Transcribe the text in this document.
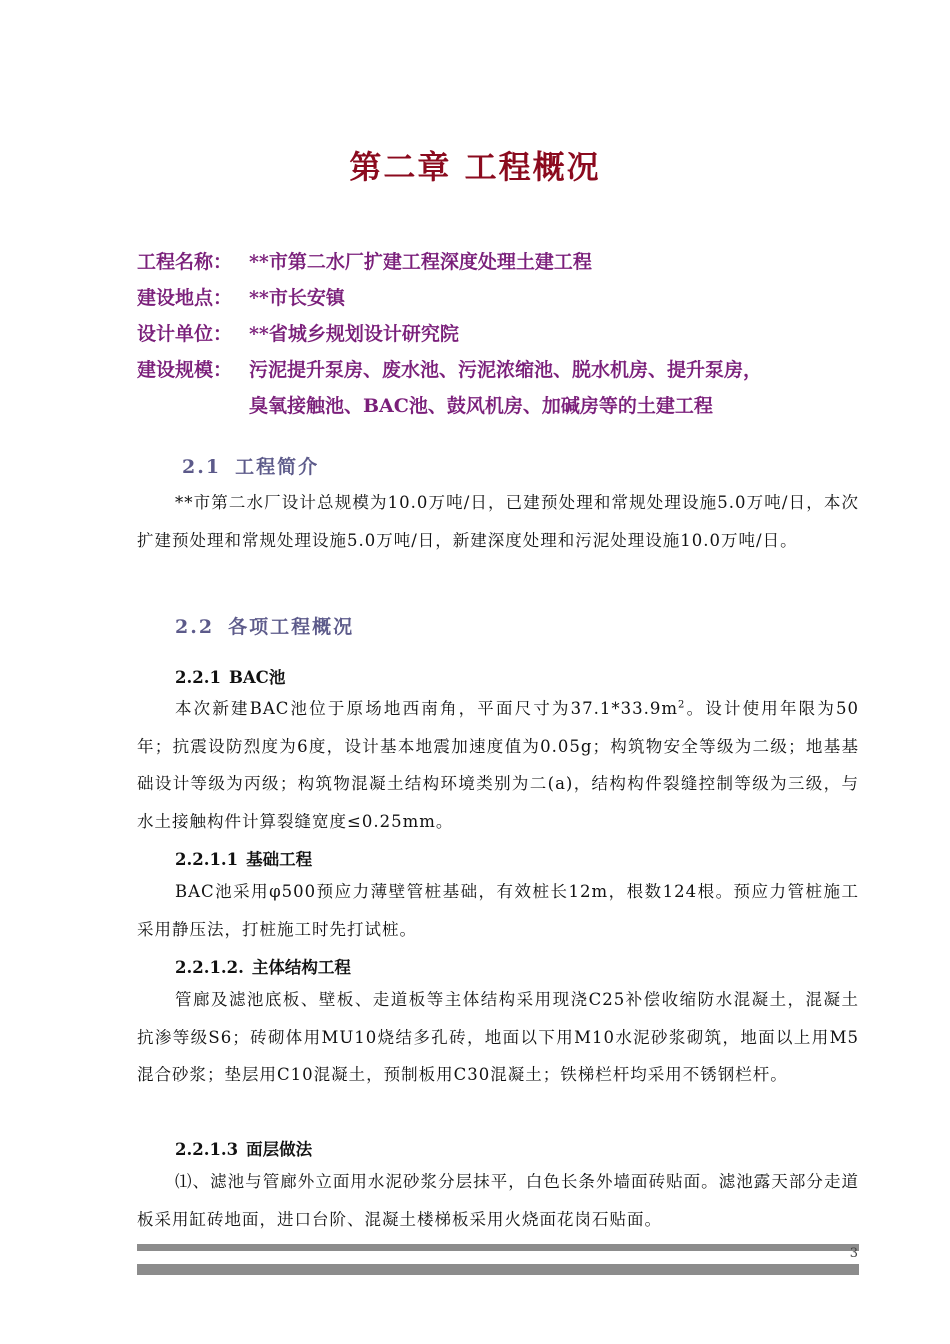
第二章 工程概况
工程名称： **市第二水厂扩建工程深度处理土建工程
建设地点： **市长安镇
设计单位： **省城乡规划设计研究院
建设规模： 污泥提升泵房、废水池、污泥浓缩池、脱水机房、提升泵房，
臭氧接触池、BAC池、鼓风机房、加碱房等的土建工程
2.1 工程简介

**市第二水厂设计总规模为10.0万吨/日，已建预处理和常规处理设施5.0万吨/日，本次扩建预处理和常规处理设施5.0万吨/日，新建深度处理和污泥处理设施10.0万吨/日。

2.2 各项工程概况
2.2.1 BAC池

本次新建BAC池位于原场地西南角，平面尺寸为$37.1*33.9m^2$。设计使用年限为50年；抗震设防烈度为6度，设计基本地震加速度值为0.05g；构筑物安全等级为二级；地基基础设计等级为丙级；构筑物混凝土结构环境类别为二(a)，结构构件裂缝控制等级为三级，与水土接触构件计算裂缝宽度≤0.25mm。

2.2.1.1 基础工程

BAC池采用φ500预应力薄壁管桩基础，有效桩长12m，根数124根。预应力管桩施工采用静压法，打桩施工时先打试桩。

2.2.1.2. 主体结构工程

管廊及滤池底板、壁板、走道板等主体结构采用现浇C25补偿收缩防水混凝土，混凝土抗渗等级S6；砖砌体用MU10烧结多孔砖，地面以下用M10水泥砂浆砌筑，地面以上用M5混合砂浆；垫层用C10混凝土，预制板用C30混凝土；铁梯栏杆均采用不锈钢栏杆。

2.2.1.3 面层做法

⑴、滤池与管廊外立面用水泥砂浆分层抹平，白色长条外墙面砖贴面。滤池露天部分走道板采用缸砖地面，进口台阶、混凝土楼梯板采用火烧面花岗石贴面。

3
